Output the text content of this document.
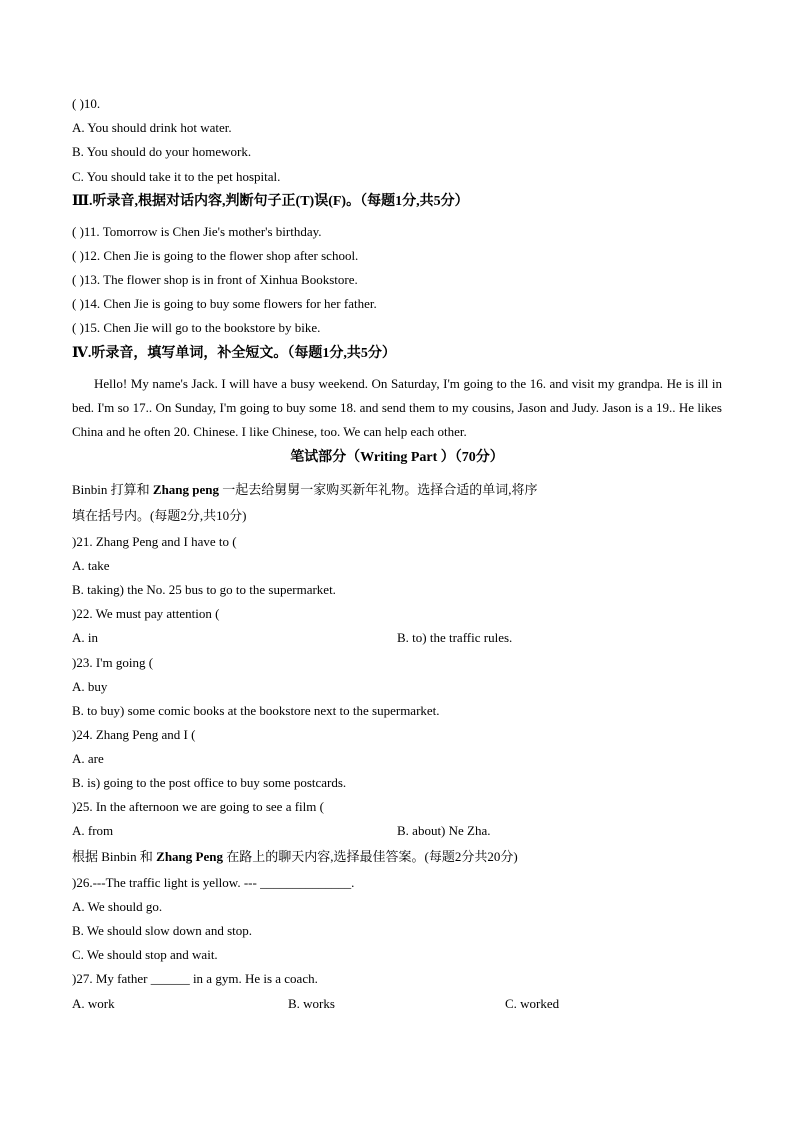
( )10.
A. You should drink hot water.
B. You should do your homework.
C. You should take it to the pet hospital.
Ⅲ.听录音,根据对话内容,判断句子正(T)误(F)。（每题1分,共5分）
( )11. Tomorrow is Chen Jie's mother's birthday.
( )12. Chen Jie is going to the flower shop after school.
( )13. The flower shop is in front of Xinhua Bookstore.
( )14. Chen Jie is going to buy some flowers for her father.
( )15. Chen Jie will go to the bookstore by bike.
Ⅳ.听录音，填写单词，补全短文。（每题1分,共5分）
Hello! My name's Jack. I will have a busy weekend. On Saturday, I'm going to the 16. and visit my grandpa. He is ill in bed. I'm so 17.. On Sunday, I'm going to buy some 18. and send them to my cousins, Jason and Judy. Jason is a 19.. He likes China and he often 20. Chinese. I like Chinese, too. We can help each other.
笔试部分（Writing Part ）（70分）
Binbin 打算和 Zhang peng 一起去给舅舅一家购买新年礼物。选择合适的单词,将序
填在括号内。(每题2分,共10分)
)21. Zhang Peng and I have to (
A. take
B. taking) the No. 25 bus to go to the supermarket.
)22. We must pay attention (
A. in	B. to) the traffic rules.
)23. I'm going (
A. buy
B. to buy) some comic books at the bookstore next to the supermarket.
)24. Zhang Peng and I (
A. are
B. is) going to the post office to buy some postcards.
)25. In the afternoon we are going to see a film (
A. from	B. about) Ne Zha.
根据 Binbin 和 Zhang Peng 在路上的聊天内容,选择最佳答案。(每题2分共20分)
)26.---The traffic light is yellow. --- ______________.
A. We should go.
B. We should slow down and stop.
C. We should stop and wait.
)27. My father ______ in a gym. He is a coach.
A. work	B. works	C. worked
